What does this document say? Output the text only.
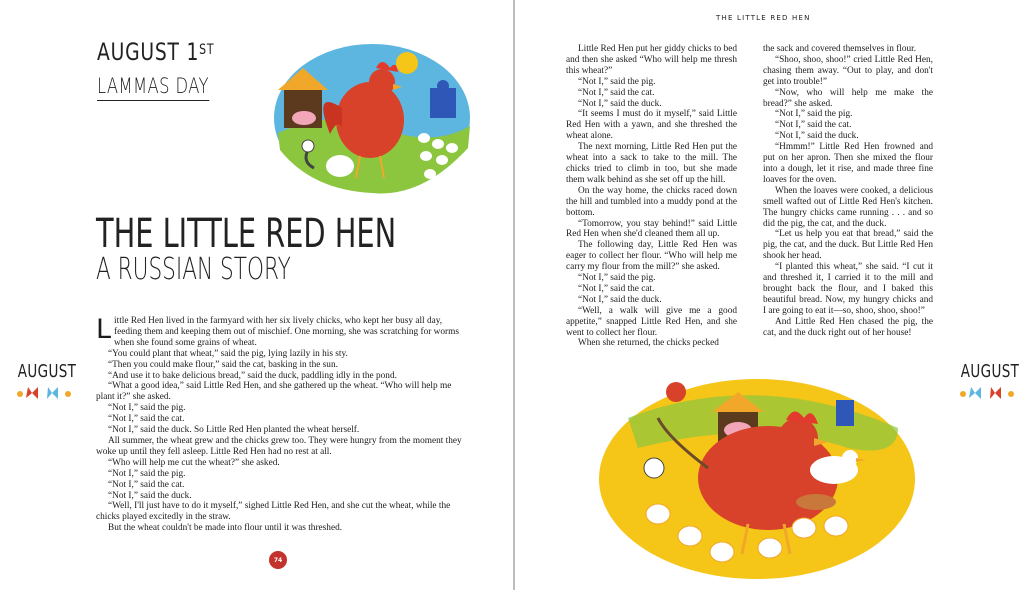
AUGUST 1ST
LAMMAS DAY
THE LITTLE RED HEN
A RUSSIAN STORY

Little Red Hen lived in the farmyard with her six lively chicks, who kept her busy all day, feeding them and keeping them out of mischief. One morning, she was scratching for worms when she found some grains of wheat.

“You could plant that wheat,” said the pig, lying lazily in his sty.

“Then you could make flour,” said the cat, basking in the sun.

“And use it to bake delicious bread,” said the duck, paddling idly in the pond.

“What a good idea,” said Little Red Hen, and she gathered up the wheat. “Who will help me plant it?” she asked.

“Not I,” said the pig.

“Not I,” said the cat.

“Not I,” said the duck. So Little Red Hen planted the wheat herself.

All summer, the wheat grew and the chicks grew too. They were hungry from the moment they woke up until they fell asleep. Little Red Hen had no rest at all.

“Who will help me cut the wheat?” she asked.

“Not I,” said the pig.

“Not I,” said the cat.

“Not I,” said the duck.

“Well, I'll just have to do it myself,” sighed Little Red Hen, and she cut the wheat, while the chicks played excitedly in the straw.

But the wheat couldn't be made into flour until it was threshed.

AUGUST
74
THE LITTLE RED HEN

Little Red Hen put her giddy chicks to bed and then she asked “Who will help me thresh this wheat?”

“Not I,” said the pig.

“Not I,” said the cat.

“Not I,” said the duck.

“It seems I must do it myself,” said Little Red Hen with a yawn, and she threshed the wheat alone.

The next morning, Little Red Hen put the wheat into a sack to take to the mill. The chicks tried to climb in too, but she made them walk behind as she set off up the hill.

On the way home, the chicks raced down the hill and tumbled into a muddy pond at the bottom.

“Tomorrow, you stay behind!” said Little Red Hen when she'd cleaned them all up.

The following day, Little Red Hen was eager to collect her flour. “Who will help me carry my flour from the mill?” she asked.

“Not I,” said the pig.

“Not I,” said the cat.

“Not I,” said the duck.

“Well, a walk will give me a good appetite,” snapped Little Red Hen, and she went to collect her flour.

When she returned, the chicks pecked

the sack and covered themselves in flour.

“Shoo, shoo, shoo!” cried Little Red Hen, chasing them away. “Out to play, and don't get into trouble!”

“Now, who will help me make the bread?” she asked.

“Not I,” said the pig.

“Not I,” said the cat.

“Not I,” said the duck.

“Hmmm!” Little Red Hen frowned and put on her apron. Then she mixed the flour into a dough, let it rise, and made three fine loaves for the oven.

When the loaves were cooked, a delicious smell wafted out of Little Red Hen's kitchen. The hungry chicks came running . . . and so did the pig, the cat, and the duck.

“Let us help you eat that bread,” said the pig, the cat, and the duck. But Little Red Hen shook her head.

“I planted this wheat,” she said. “I cut it and threshed it, I carried it to the mill and brought back the flour, and I baked this beautiful bread. Now, my hungry chicks and I are going to eat it—so, shoo, shoo, shoo!”

And Little Red Hen chased the pig, the cat, and the duck right out of her house!

AUGUST
